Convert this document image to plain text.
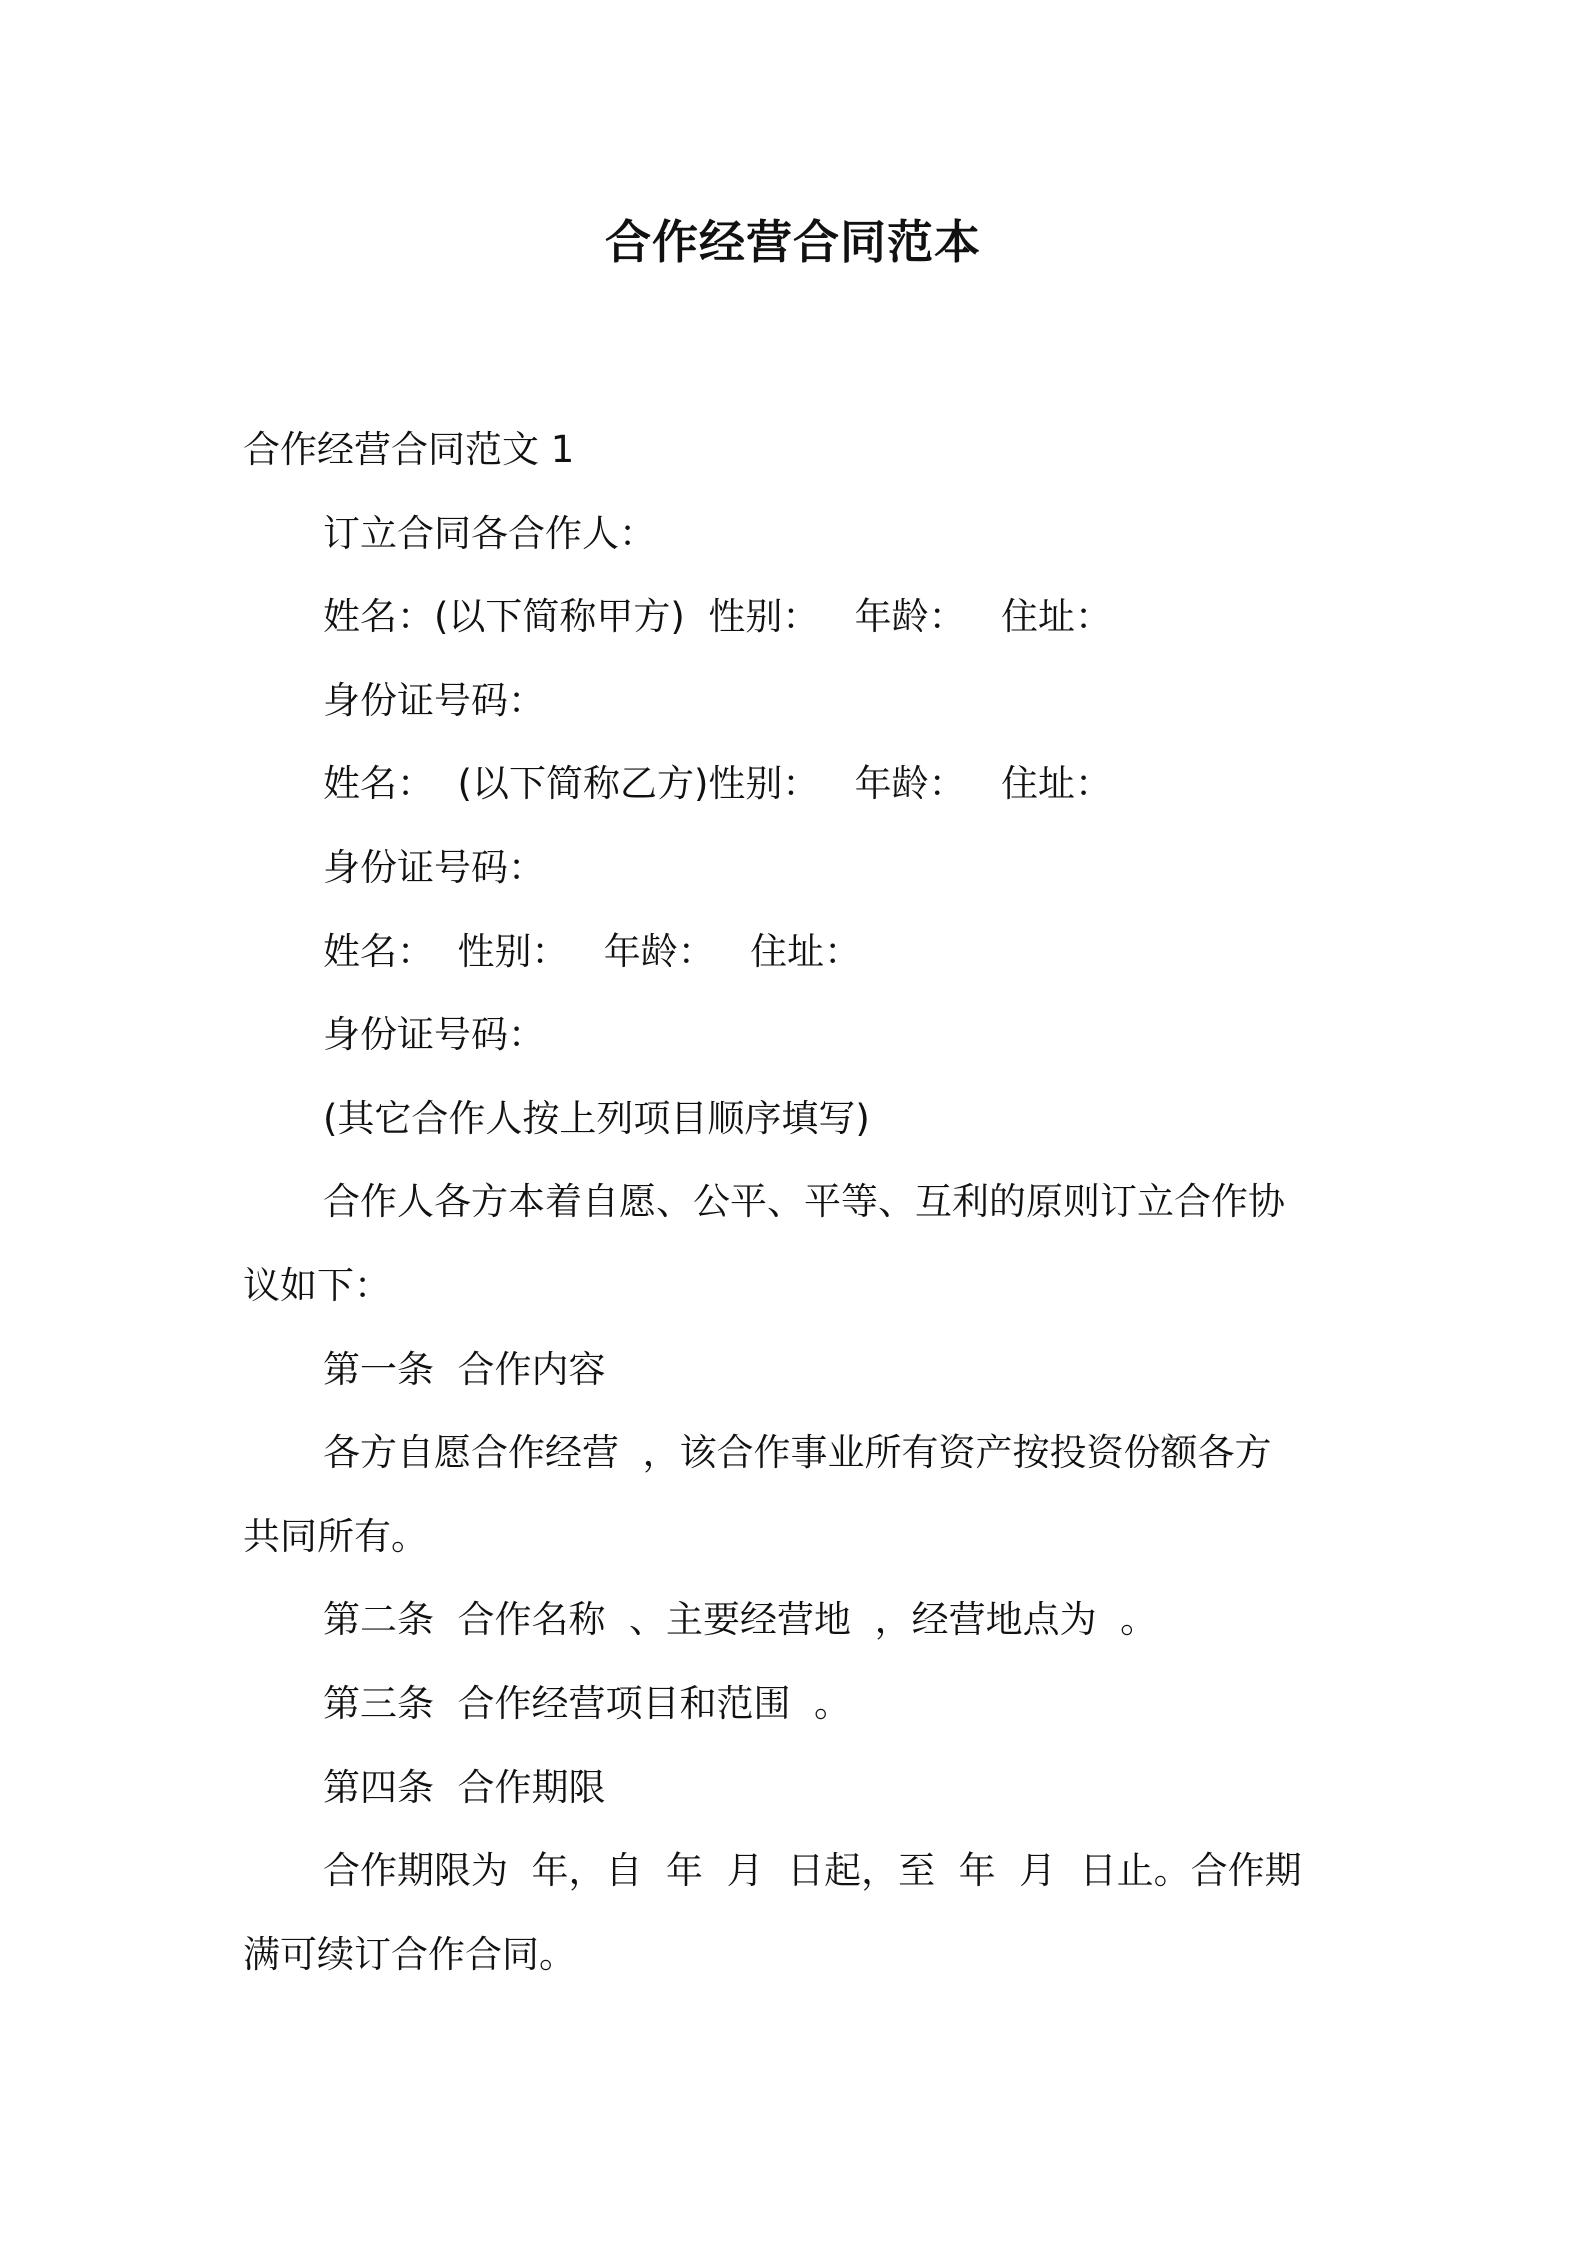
合作经营合同范本
合作经营合同范文 1
订立合同各合作人：
姓名：(以下简称甲方)  性别：   年龄：   住址：
身份证号码：
姓名：  (以下简称乙方)性别：   年龄：   住址：
身份证号码：
姓名：  性别：   年龄：   住址：
身份证号码：
(其它合作人按上列项目顺序填写)
合作人各方本着自愿、公平、平等、互利的原则订立合作协
议如下：
第一条  合作内容
各方自愿合作经营  ，该合作事业所有资产按投资份额各方
共同所有。
第二条  合作名称  、主要经营地  ，经营地点为  。
第三条  合作经营项目和范围  。
第四条  合作期限
合作期限为  年，自  年  月  日起，至  年  月  日止。合作期
满可续订合作合同。
